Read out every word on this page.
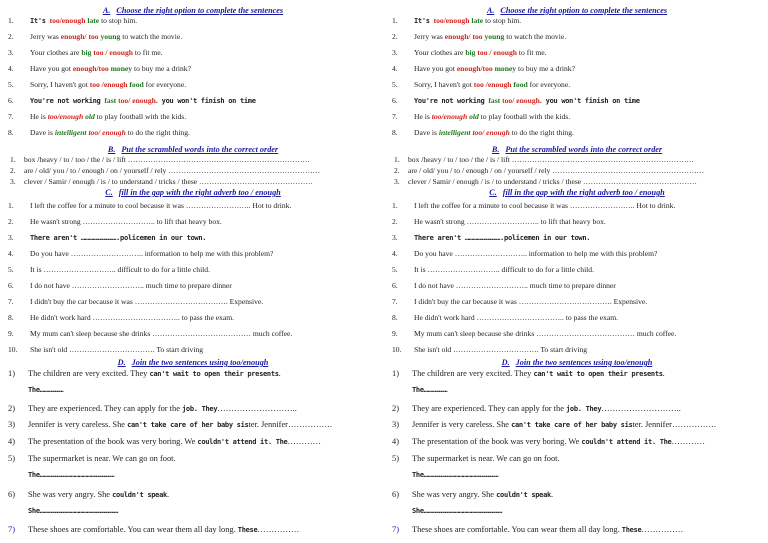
A. Choose the right option to complete the sentences
1. It's too/enough late to stop him.
2. Jerry was enough/ too young to watch the movie.
3. Your clothes are big too / enough to fit me.
4. Have you got enough/too money to buy me a drink?
5. Sorry, I haven't got too /enough food for everyone.
6. You're not working fast too/ enough. you won't finish on time
7. He is too/enough old to play football with the kids.
8. Dave is intelligent too/ enough to do the right thing.
B. Put the scrambled words into the correct order
1. box /heavy / to / too / the / is / lift ………………………………………………………………
2. are / old/ you / to / enough / on / yourself / rely ……………………………………………………
3. clever / Samir / enough / is / to understand / tricks / these ………………………………………
C. fill in the gap with the right adverb too / enough
1. I left the coffee for a minute to cool because it was …………………….. Hot to drink.
2. He wasn't strong ……………………….. to lift that heavy box.
3. There aren't ……………………….policemen in our town.
4. Do you have ……………………….. information to help me with this problem?
5. It is ……………………….. difficult to do for a little child.
6. I do not have ……………………….. much time to prepare dinner
7. I didn't buy the car because it was ………………………………. Expensive.
8. He didn't work hard …………………………….. to pass the exam.
9. My mum can't sleep because she drinks ………………………………… much coffee.
10. She isn't old ……………………………. To start driving
D. Join the two sentences using too/enough
1) The children are very excited. They can't wait to open their presents.
The………………
2) They are experienced. They can apply for the job. They………………………..
3) Jennifer is very careless. She can't take care of her baby sister. Jennifer…………….
4) The presentation of the book was very boring. We couldn't attend it. The…………
5) The supermarket is near. We can go on foot.
The…………………………………………………
6) She was very angry. She couldn't speak.
She……………………………………………………
7) These shoes are comfortable. You can wear them all day long. These……………
A. Choose the right option to complete the sentences
1. It's too/enough late to stop him.
2. Jerry was enough/ too young to watch the movie.
3. Your clothes are big too / enough to fit me.
4. Have you got enough/too money to buy me a drink?
5. Sorry, I haven't got too /enough food for everyone.
6. You're not working fast too/ enough. you won't finish on time
7. He is too/enough old to play football with the kids.
8. Dave is intelligent too/ enough to do the right thing.
B. Put the scrambled words into the correct order
1. box /heavy / to / too / the / is / lift ………………………………………………………………
2. are / old/ you / to / enough / on / yourself / rely ……………………………………………………
3. clever / Samir / enough / is / to understand / tricks / these ………………………………………
C. fill in the gap with the right adverb too / enough
1. I left the coffee for a minute to cool because it was …………………….. Hot to drink.
2. He wasn't strong ……………………….. to lift that heavy box.
3. There aren't ……………………….policemen in our town.
4. Do you have ……………………….. information to help me with this problem?
5. It is ……………………….. difficult to do for a little child.
6. I do not have ……………………….. much time to prepare dinner
7. I didn't buy the car because it was ………………………………. Expensive.
8. He didn't work hard …………………………….. to pass the exam.
9. My mum can't sleep because she drinks ………………………………… much coffee.
10. She isn't old ……………………………. To start driving
D. Join the two sentences using too/enough
1) The children are very excited. They can't wait to open their presents.
The………………
2) They are experienced. They can apply for the job. They………………………..
3) Jennifer is very careless. She can't take care of her baby sister. Jennifer…………….
4) The presentation of the book was very boring. We couldn't attend it. The…………
5) The supermarket is near. We can go on foot.
The…………………………………………………
6) She was very angry. She couldn't speak.
She……………………………………………………
7) These shoes are comfortable. You can wear them all day long. These……………
